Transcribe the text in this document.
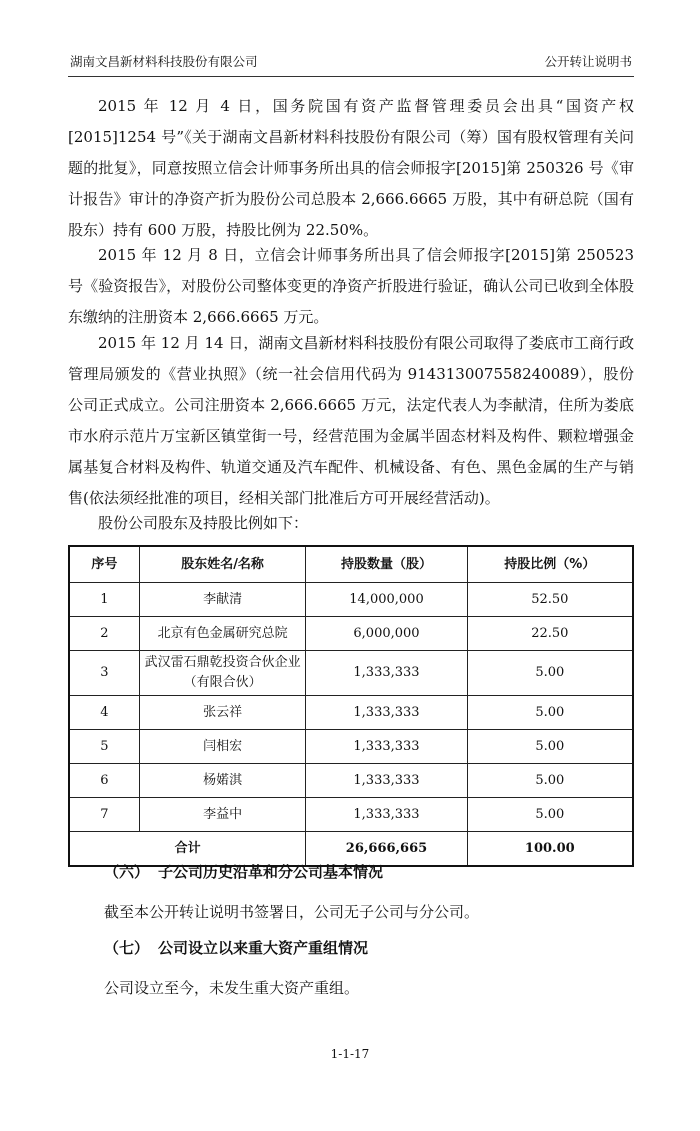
湖南文昌新材料科技股份有限公司	公开转让说明书

2015 年 12 月 4 日，国务院国有资产监督管理委员会出具“国资产权[2015]1254 号”《关于湖南文昌新材料科技股份有限公司（筹）国有股权管理有关问题的批复》，同意按照立信会计师事务所出具的信会师报字[2015]第 250326 号《审计报告》审计的净资产折为股份公司总股本 2,666.6665 万股，其中有研总院（国有股东）持有 600 万股，持股比例为 22.50%。

2015 年 12 月 8 日，立信会计师事务所出具了信会师报字[2015]第 250523 号《验资报告》，对股份公司整体变更的净资产折股进行验证，确认公司已收到全体股东缴纳的注册资本 2,666.6665 万元。

2015 年 12 月 14 日，湖南文昌新材料科技股份有限公司取得了娄底市工商行政管理局颁发的《营业执照》（统一社会信用代码为 914313007558240089），股份公司正式成立。公司注册资本 2,666.6665 万元，法定代表人为李献清，住所为娄底市水府示范片万宝新区镇堂街一号，经营范围为金属半固态材料及构件、颗粒增强金属基复合材料及构件、轨道交通及汽车配件、机械设备、有色、黑色金属的生产与销售(依法须经批准的项目，经相关部门批准后方可开展经营活动)。

股份公司股东及持股比例如下：

序号	股东姓名/名称	持股数量（股）	持股比例（%）
1	李献清	14,000,000	52.50
2	北京有色金属研究总院	6,000,000	22.50
3	武汉雷石鼎乾投资合伙企业（有限合伙）	1,333,333	5.00
4	张云祥	1,333,333	5.00
5	闫相宏	1,333,333	5.00
6	杨婼淇	1,333,333	5.00
7	李益中	1,333,333	5.00
合计		26,666,665	100.00
（六） 子公司历史沿革和分公司基本情况
截至本公开转让说明书签署日，公司无子公司与分公司。
（七） 公司设立以来重大资产重组情况
公司设立至今，未发生重大资产重组。
1-1-17
